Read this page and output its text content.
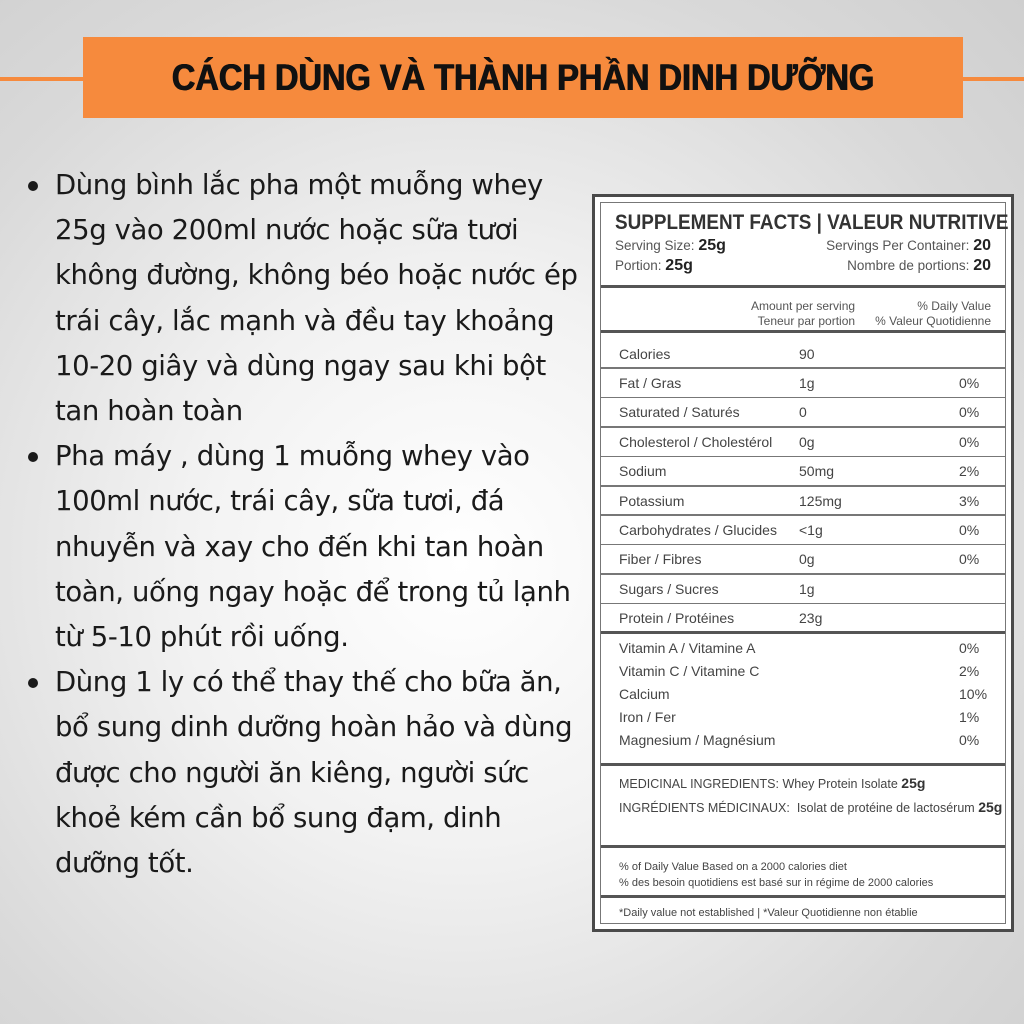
CÁCH DÙNG VÀ THÀNH PHẦN DINH DƯỠNG
Dùng bình lắc pha một muỗng whey 25g vào 200ml nước hoặc sữa tươi không đường, không béo hoặc nước ép trái cây, lắc mạnh và đều tay khoảng 10-20 giây và dùng ngay sau khi bột tan hoàn toàn
Pha máy , dùng 1 muỗng whey vào 100ml nước, trái cây, sữa tươi, đá nhuyễn và xay cho đến khi tan hoàn toàn, uống ngay hoặc để trong tủ lạnh từ 5-10 phút rồi uống.
Dùng 1 ly có thể thay thế cho bữa ăn, bổ sung dinh dưỡng hoàn hảo và dùng được cho người ăn kiêng, người sức khoẻ kém cần bổ sung đạm, dinh dưỡng tốt.
SUPPLEMENT FACTS | VALEUR NUTRITIVE
Serving Size: 25g	Servings Per Container: 20
Portion: 25g	Nombre de portions: 20
Amount per serving
Teneur par portion
% Daily Value
% Valeur Quotidienne
Calories	90
Fat / Gras	1g	0%
Saturated / Saturés	0	0%
Cholesterol / Cholestérol 0g	0%
Sodium	50mg	2%
Potassium	125mg	3%
Carbohydrates / Glucides <1g	0%
Fiber / Fibres	0g	0%
Sugars / Sucres	1g
Protein / Protéines	23g
Vitamin A / Vitamine A	0%
Vitamin C / Vitamine C	2%
Calcium	10%
Iron / Fer	1%
Magnesium / Magnésium	0%
MEDICINAL INGREDIENTS: Whey Protein Isolate 25g
INGRÉDIENTS MÉDICINAUX: Isolat de protéine de lactosérum 25g
% of Daily Value Based on a 2000 calories diet
% des besoin quotidiens est basé sur in régime de 2000 calories
*Daily value not established | *Valeur Quotidienne non établie
